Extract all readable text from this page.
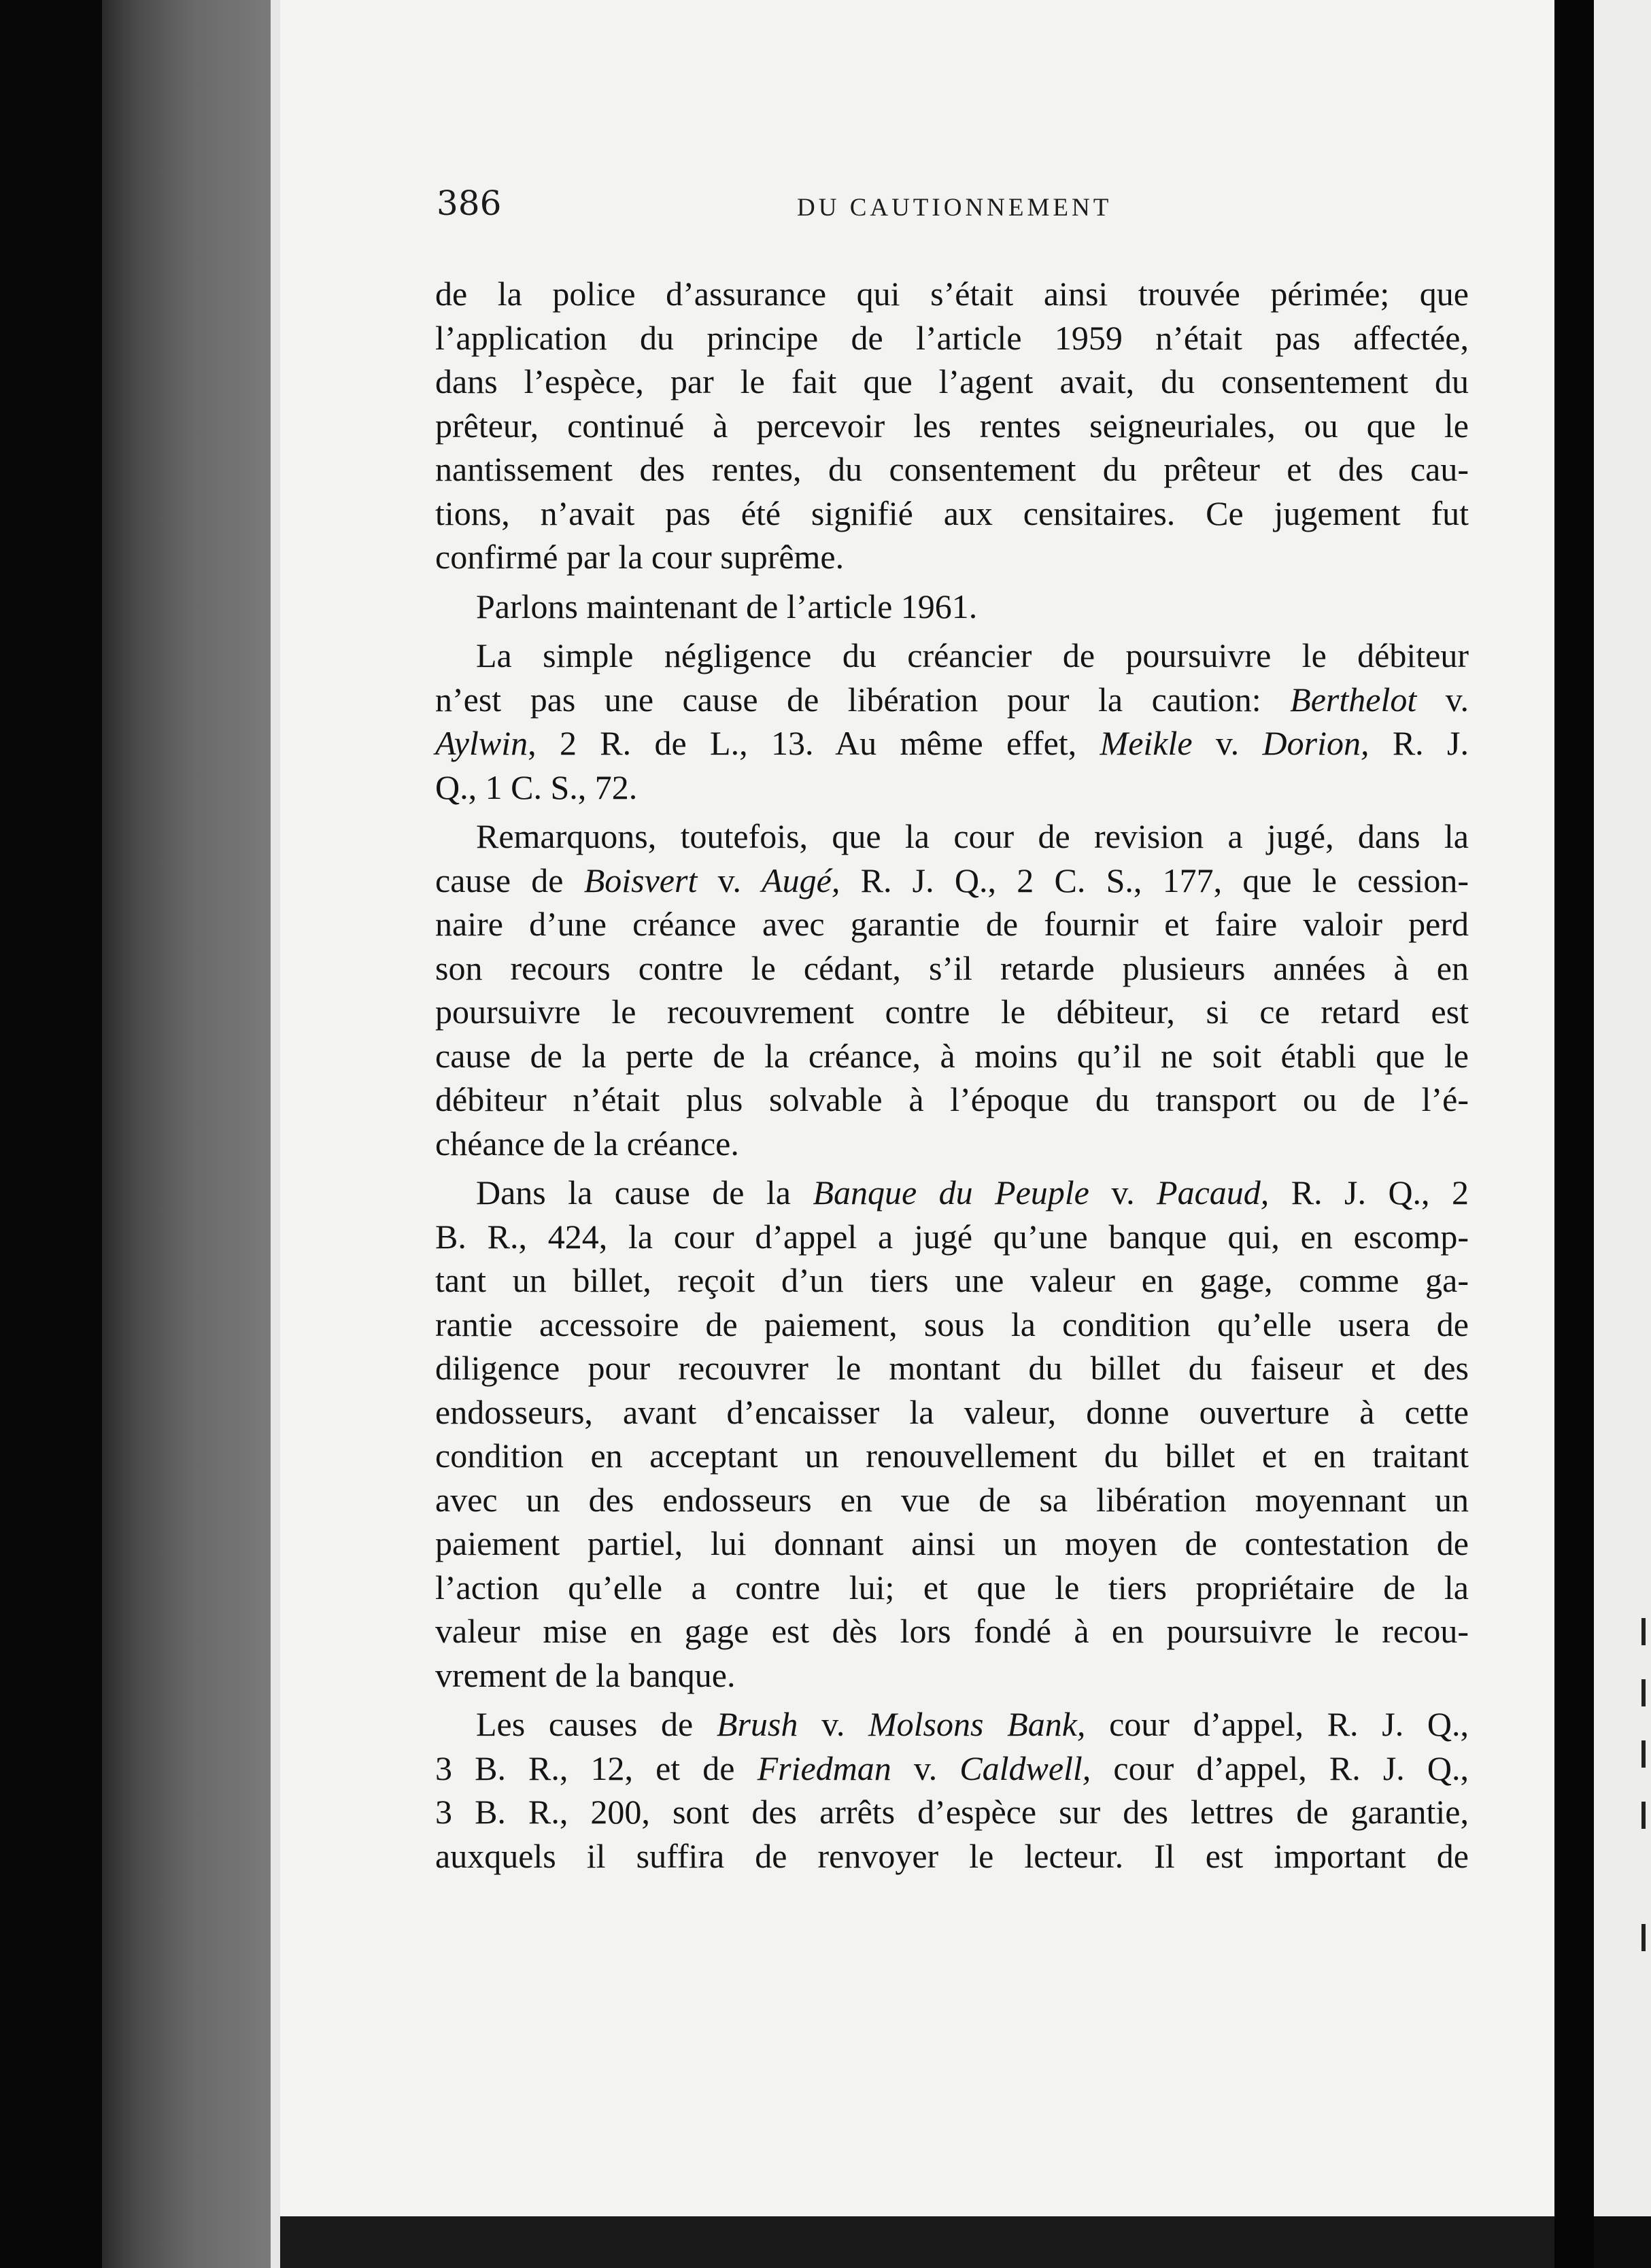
386	DU CAUTIONNEMENT
de la police d’assurance qui s’était ainsi trouvée périmée; que
l’application du principe de l’article 1959 n’était pas affectée,
dans l’espèce, par le fait que l’agent avait, du consentement du
prêteur, continué à percevoir les rentes seigneuriales, ou que le
nantissement des rentes, du consentement du prêteur et des cau-
tions, n’avait pas été signifié aux censitaires. Ce jugement fut
confirmé par la cour suprême.
Parlons maintenant de l’article 1961.
La simple négligence du créancier de poursuivre le débiteur
n’est pas une cause de libération pour la caution: Berthelot v.
Aylwin, 2 R. de L., 13. Au même effet, Meikle v. Dorion, R. J.
Q., 1 C. S., 72.
Remarquons, toutefois, que la cour de revision a jugé, dans la
cause de Boisvert v. Augé, R. J. Q., 2 C. S., 177, que le cession-
naire d’une créance avec garantie de fournir et faire valoir perd
son recours contre le cédant, s’il retarde plusieurs années à en
poursuivre le recouvrement contre le débiteur, si ce retard est
cause de la perte de la créance, à moins qu’il ne soit établi que le
débiteur n’était plus solvable à l’époque du transport ou de l’é-
chéance de la créance.
Dans la cause de la Banque du Peuple v. Pacaud, R. J. Q., 2
B. R., 424, la cour d’appel a jugé qu’une banque qui, en escomp-
tant un billet, reçoit d’un tiers une valeur en gage, comme ga-
rantie accessoire de paiement, sous la condition qu’elle usera de
diligence pour recouvrer le montant du billet du faiseur et des
endosseurs, avant d’encaisser la valeur, donne ouverture à cette
condition en acceptant un renouvellement du billet et en traitant
avec un des endosseurs en vue de sa libération moyennant un
paiement partiel, lui donnant ainsi un moyen de contestation de
l’action qu’elle a contre lui; et que le tiers propriétaire de la
valeur mise en gage est dès lors fondé à en poursuivre le recou-
vrement de la banque.
Les causes de Brush v. Molsons Bank, cour d’appel, R. J. Q.,
3 B. R., 12, et de Friedman v. Caldwell, cour d’appel, R. J. Q.,
3 B. R., 200, sont des arrêts d’espèce sur des lettres de garantie,
auxquels il suffira de renvoyer le lecteur. Il est important de
